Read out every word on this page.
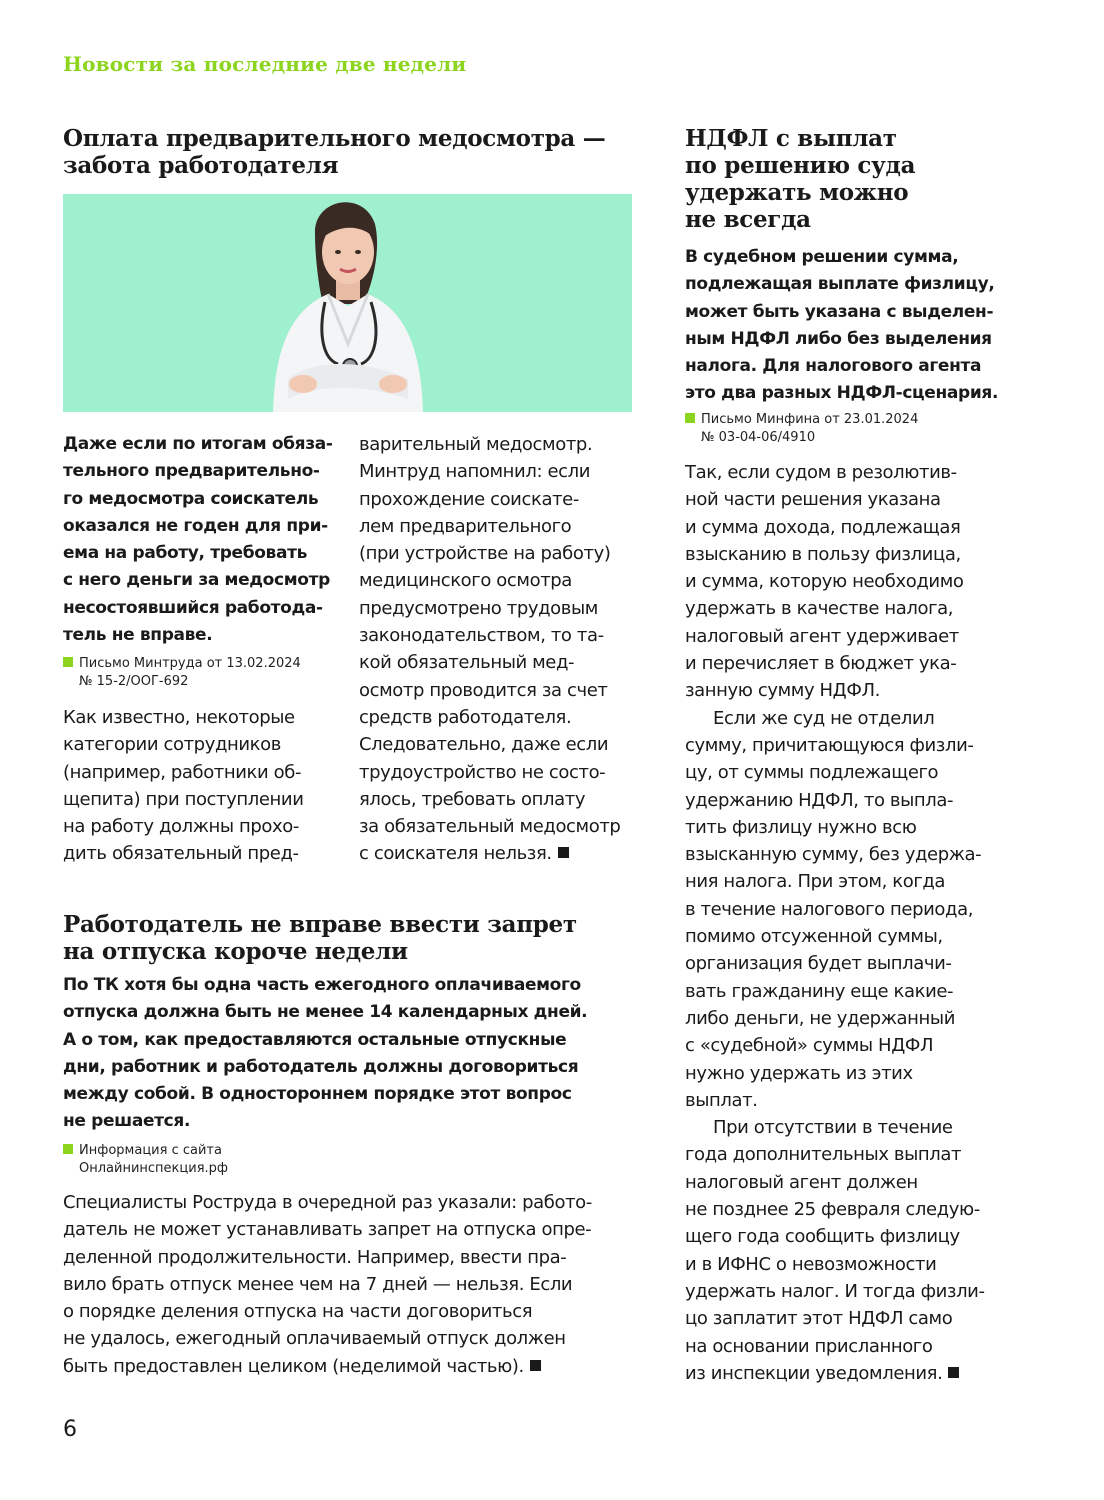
Новости за последние две недели
Оплата предварительного медосмотра —
забота работодателя
Даже если по итогам обяза-
тельного предварительно-
го медосмотра соискатель
оказался не годен для при-
ема на работу, требовать
с него деньги за медосмотр
несостоявшийся работода-
тель не вправе.
Письмо Минтруда от 13.02.2024
№ 15-2/ООГ-692
Как известно, некоторые
категории сотрудников
(например, работники об-
щепита) при поступлении
на работу должны прохо-
дить обязательный пред-
варительный медосмотр.
Минтруд напомнил: если
прохождение соискате-
лем предварительного
(при устройстве на работу)
медицинского осмотра
предусмотрено трудовым
законодательством, то та-
кой обязательный мед-
осмотр проводится за счет
средств работодателя.
Следовательно, даже если
трудоустройство не состо-
ялось, требовать оплату
за обязательный медосмотр
с соискателя нельзя.
Работодатель не вправе ввести запрет
на отпуска короче недели
По ТК хотя бы одна часть ежегодного оплачиваемого
отпуска должна быть не менее 14 календарных дней.
А о том, как предоставляются остальные отпускные
дни, работник и работодатель должны договориться
между собой. В одностороннем порядке этот вопрос
не решается.
Информация с сайта
Онлайнинспекция.рф
Специалисты Роструда в очередной раз указали: работо-
датель не может устанавливать запрет на отпуска опре-
деленной продолжительности. Например, ввести пра-
вило брать отпуск менее чем на 7 дней — нельзя. Если
о порядке деления отпуска на части договориться
не удалось, ежегодный оплачиваемый отпуск должен
быть предоставлен целиком (неделимой частью).
НДФЛ с выплат
по решению суда
удержать можно
не всегда
В судебном решении сумма,
подлежащая выплате физлицу,
может быть указана с выделен-
ным НДФЛ либо без выделения
налога. Для налогового агента
это два разных НДФЛ-сценария.
Письмо Минфина от 23.01.2024
№ 03-04-06/4910
Так, если судом в резолютив-
ной части решения указана
и сумма дохода, подлежащая
взысканию в пользу физлица,
и сумма, которую необходимо
удержать в качестве налога,
налоговый агент удерживает
и перечисляет в бюджет ука-
занную сумму НДФЛ.
Если же суд не отделил
сумму, причитающуюся физли-
цу, от суммы подлежащего
удержанию НДФЛ, то выпла-
тить физлицу нужно всю
взысканную сумму, без удержа-
ния налога. При этом, когда
в течение налогового периода,
помимо отсуженной суммы,
организация будет выплачи-
вать гражданину еще какие-
либо деньги, не удержанный
с «судебной» суммы НДФЛ
нужно удержать из этих
выплат.
При отсутствии в течение
года дополнительных выплат
налоговый агент должен
не позднее 25 февраля следую-
щего года сообщить физлицу
и в ИФНС о невозможности
удержать налог. И тогда физли-
цо заплатит этот НДФЛ само
на основании присланного
из инспекции уведомления.
6
